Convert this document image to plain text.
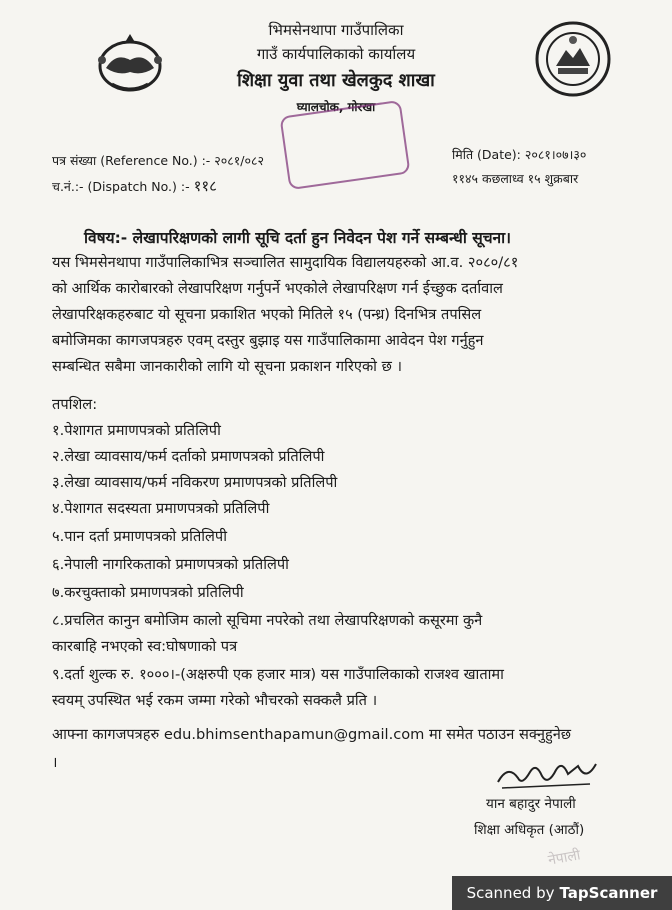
भिमसेनथापा गाउँपालिका
गाउँ कार्यपालिकाको कार्यालय
शिक्षा युवा तथा खेलकुद शाखा
घ्यालचोक, गोरखा
पत्र संख्या (Reference No.) :- २०८१/०८२
च.नं.:- (Dispatch No.) :- ११८
मिति (Date): २०८१।०७।३०
११४५ कछलाध्व १५ शुक्रबार
विषय:- लेखापरिक्षणको लागी सूचि दर्ता हुन निवेदन पेश गर्ने सम्बन्धी सूचना।
यस भिमसेनथापा गाउँपालिकाभित्र सञ्चालित सामुदायिक विद्यालयहरुको आ.व. २०८०/८१
को आर्थिक कारोबारको लेखापरिक्षण गर्नुपर्ने भएकोले लेखापरिक्षण गर्न ईच्छुक दर्तावाल
लेखापरिक्षकहरुबाट यो सूचना प्रकाशित भएको मितिले १५ (पन्ध्र) दिनभित्र तपसिल
बमोजिमका कागजपत्रहरु एवम् दस्तुर बुझाइ यस गाउँपालिकामा आवेदन पेश गर्नुहुन
सम्बन्धित सबैमा जानकारीको लागि यो सूचना प्रकाशन गरिएको छ ।
तपशिल:
१.पेशागत प्रमाणपत्रको प्रतिलिपी
२.लेखा व्यावसाय/फर्म दर्ताको प्रमाणपत्रको प्रतिलिपी
३.लेखा व्यावसाय/फर्म नविकरण प्रमाणपत्रको प्रतिलिपी
४.पेशागत सदस्यता प्रमाणपत्रको प्रतिलिपी
५.पान दर्ता प्रमाणपत्रको प्रतिलिपी
६.नेपाली नागरिकताको प्रमाणपत्रको प्रतिलिपी
७.करचुक्ताको प्रमाणपत्रको प्रतिलिपी
८.प्रचलित कानुन बमोजिम कालो सूचिमा नपरेको तथा लेखापरिक्षणको कसूरमा कुनै
कारबाहि नभएको स्व:घोषणाको पत्र
९.दर्ता शुल्क रु. १०००।-(अक्षरुपी एक हजार मात्र) यस गाउँपालिकाको राजश्व खातामा
स्वयम् उपस्थित भई रकम जम्मा गरेको भौचरको सक्कलै प्रति ।
आफ्ना कागजपत्रहरु edu.bhimsenthapamun@gmail.com मा समेत पठाउन सक्नुहुनेछ
।
यान बहादुर नेपाली
शिक्षा अधिकृत (आठौं)
नेपाली
Scanned by TapScanner
